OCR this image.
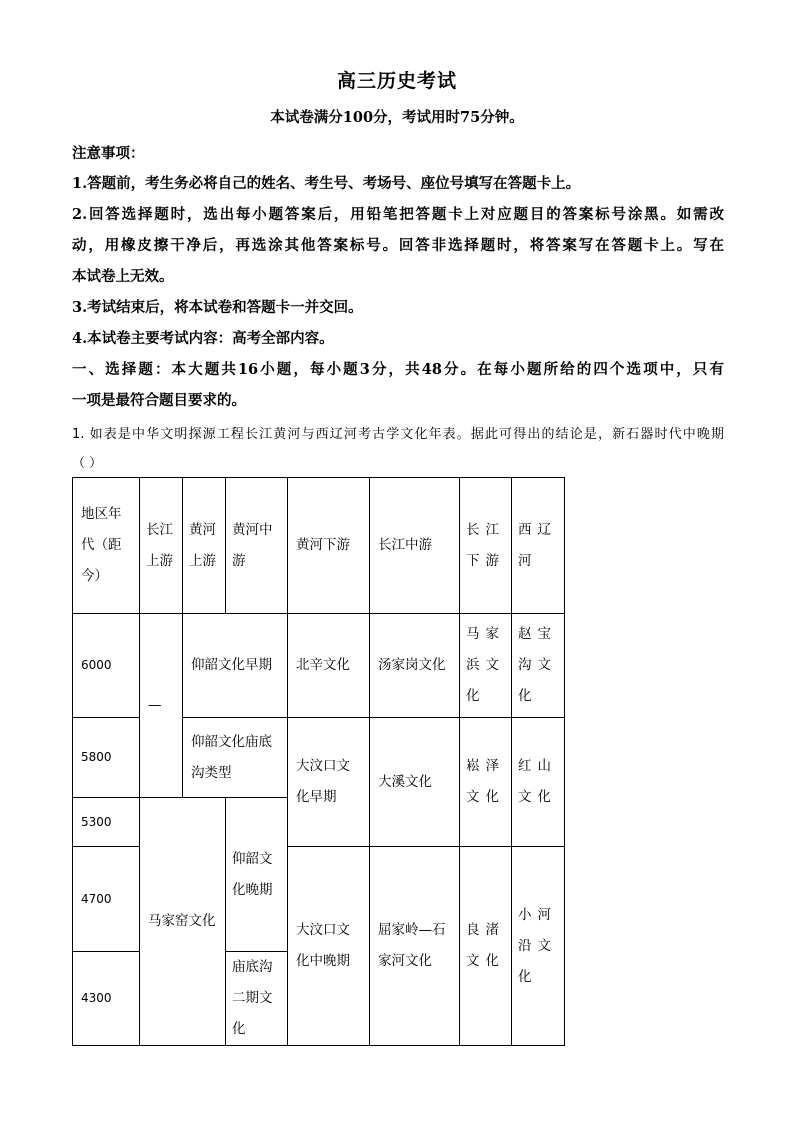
高三历史考试
本试卷满分100分，考试用时75分钟。
注意事项：
1.答题前，考生务必将自己的姓名、考生号、考场号、座位号填写在答题卡上。
2.回答选择题时，选出每小题答案后，用铅笔把答题卡上对应题目的答案标号涂黑。如需改
动，用橡皮擦干净后，再选涂其他答案标号。回答非选择题时，将答案写在答题卡上。写在
本试卷上无效。
3.考试结束后，将本试卷和答题卡一并交回。
4.本试卷主要考试内容：高考全部内容。
一、选择题：本大题共16小题，每小题3分，共48分。在每小题所给的四个选项中，只有
一项是最符合题目要求的。
1. 如表是中华文明探源工程长江黄河与西辽河考古学文化年表。据此可得出的结论是，新石器时代中晚期
（ ）
地区年代（距今）	长江上游	黄河上游	黄河中游	黄河下游	长江中游	长江下游	西辽河
6000	—	仰韶文化早期		北辛文化	汤家岗文化	马家浜文化	赵宝沟文化
5800		仰韶文化庙底沟类型		大汶口文化早期	大溪文化	崧泽文化	红山文化
5300	马家窑文化		仰韶文化晚期				
4700				大汶口文化中晚期	屈家岭—石家河文化	良渚文化	小河沿文化
4300			庙底沟二期文化				
